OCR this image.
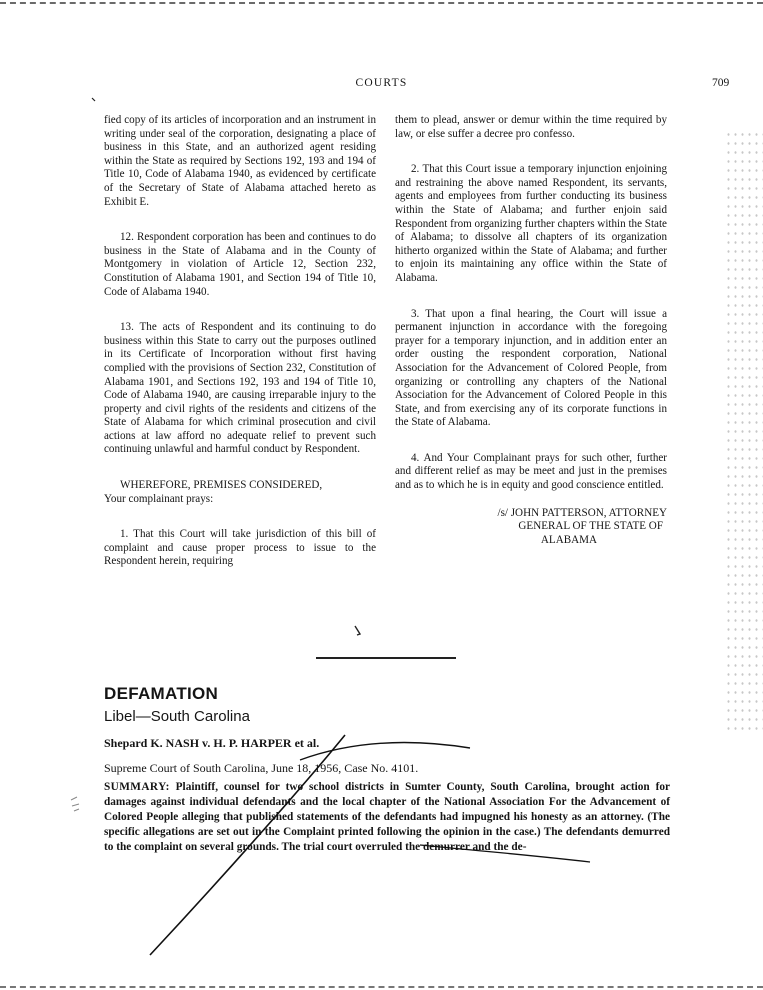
COURTS	709

fied copy of its articles of incorporation and an instrument in writing under seal of the corporation, designating a place of business in this State, and an authorized agent residing within the State as required by Sections 192, 193 and 194 of Title 10, Code of Alabama 1940, as evidenced by certificate of the Secretary of State of Alabama attached hereto as Exhibit E.

12. Respondent corporation has been and continues to do business in the State of Alabama and in the County of Montgomery in violation of Article 12, Section 232, Constitution of Alabama 1901, and Section 194 of Title 10, Code of Alabama 1940.

13. The acts of Respondent and its continuing to do business within this State to carry out the purposes outlined in its Certificate of Incorporation without first having complied with the provisions of Section 232, Constitution of Alabama 1901, and Sections 192, 193 and 194 of Title 10, Code of Alabama 1940, are causing irreparable injury to the property and civil rights of the residents and citizens of the State of Alabama for which criminal prosecution and civil actions at law afford no adequate relief to prevent such continuing unlawful and harmful conduct by Respondent.

WHEREFORE, PREMISES CONSIDERED,
Your complainant prays:

1. That this Court will take jurisdiction of this bill of complaint and cause proper process to issue to the Respondent herein, requiring

them to plead, answer or demur within the time required by law, or else suffer a decree pro confesso.

2. That this Court issue a temporary injunction enjoining and restraining the above named Respondent, its servants, agents and employees from further conducting its business within the State of Alabama; and further enjoin said Respondent from organizing further chapters within the State of Alabama; to dissolve all chapters of its organization hitherto organized within the State of Alabama; and further to enjoin its maintaining any office within the State of Alabama.

3. That upon a final hearing, the Court will issue a permanent injunction in accordance with the foregoing prayer for a temporary injunction, and in addition enter an order ousting the respondent corporation, National Association for the Advancement of Colored People, from organizing or controlling any chapters of the National Association for the Advancement of Colored People in this State, and from exercising any of its corporate functions in the State of Alabama.

4. And Your Complainant prays for such other, further and different relief as may be meet and just in the premises and as to which he is in equity and good conscience entitled.

/s/ JOHN PATTERSON, ATTORNEY
GENERAL OF THE STATE OF
ALABAMA
DEFAMATION
Libel—South Carolina
Shepard K. NASH v. H. P. HARPER et al.
Supreme Court of South Carolina, June 18, 1956, Case No. 4101.
SUMMARY: Plaintiff, counsel for two school districts in Sumter County, South Carolina, brought action for damages against individual defendants and the local chapter of the National Association For the Advancement of Colored People alleging that published statements of the defendants had impugned his honesty as an attorney. (The specific allegations are set out in the Complaint printed following the opinion in the case.) The defendants demurred to the complaint on several grounds. The trial court overruled the demurrer and the de-
